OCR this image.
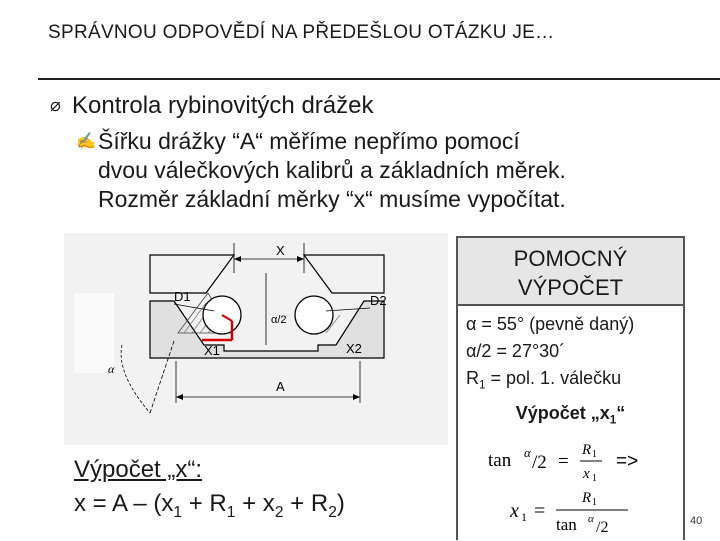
SPRÁVNOU ODPOVĚDÍ NA PŘEDEŠLOU OTÁZKU JE…
⌀ Kontrola rybinovitých drážek
✍ Šířku drážky “A“ měříme nepřímo pomocí
dvou válečkových kalibrů a základních měrek.
Rozměr základní měrky “x“ musíme vypočítat.
X
D1	D2
α/2
X1	X2
A
α
POMOCNÝ
VÝPOČET
α = 55° (pevně daný)
α/2 = 27°30´
$R_1$ = pol. 1. válečku
Výpočet $„x_1“$
tan α /2 =
R 1
x 1
=>
x 1 =
R 1
tan α /2
Výpočet „x“:
$x = A - (x_1 + R_1 + x_2 + R_2)$
40
